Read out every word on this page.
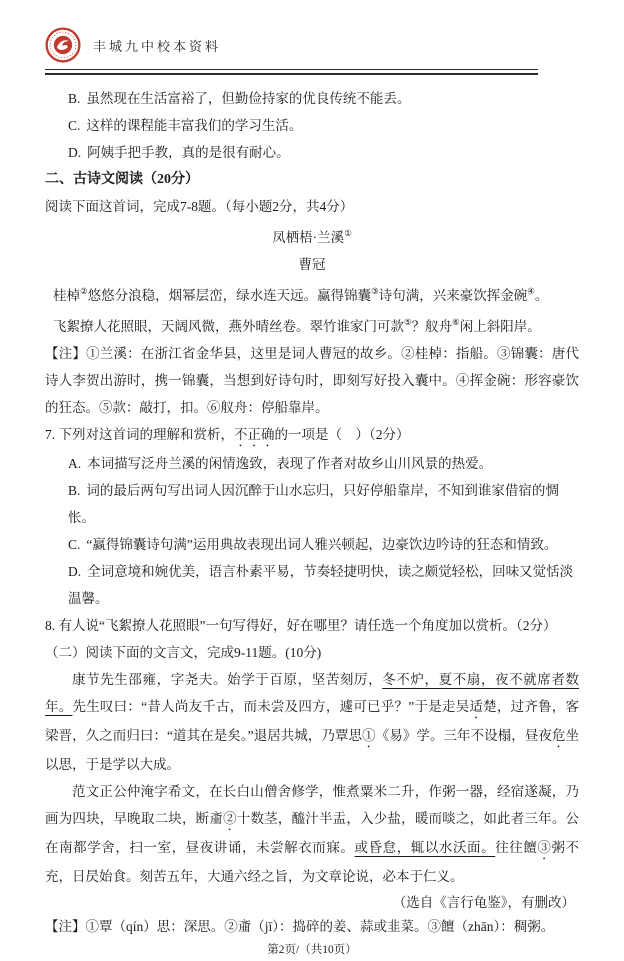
丰城九中校本资料

B. 虽然现在生活富裕了，但勤俭持家的优良传统不能丢。

C. 这样的课程能丰富我们的学习生活。

D. 阿姨手把手教，真的是很有耐心。

二、古诗文阅读（20分）

阅读下面这首词，完成7-8题。（每小题2分，共4分）

凤栖梧·兰溪①

曹冠

桂棹②悠悠分浪稳，烟幂层峦，绿水连天远。赢得锦囊③诗句满，兴来豪饮挥金碗④。

飞絮撩人花照眼，天阔风微，燕外晴丝卷。翠竹谁家门可款⑤？舣舟⑥闲上斜阳岸。

【注】①兰溪：在浙江省金华县，这里是词人曹冠的故乡。②桂棹：指船。③锦囊：唐代诗人李贺出游时，携一锦囊，当想到好诗句时，即刻写好投入囊中。④挥金碗：形容豪饮的狂态。⑤款：敲打，扣。⑥舣舟：停船靠岸。

7. 下列对这首词的理解和赏析，不正确的一项是（　）（2分）

A. 本词描写泛舟兰溪的闲情逸致，表现了作者对故乡山川风景的热爱。

B. 词的最后两句写出词人因沉醉于山水忘归，只好停船靠岸，不知到谁家借宿的惆怅。

C. “赢得锦囊诗句满”运用典故表现出词人雅兴顿起，边豪饮边吟诗的狂态和情致。

D. 全词意境和婉优美，语言朴素平易，节奏轻捷明快，读之颇觉轻松，回味又觉恬淡温馨。

8. 有人说“飞絮撩人花照眼”一句写得好，好在哪里？请任选一个角度加以赏析。（2分）

（二）阅读下面的文言文，完成9-11题。(10分)

康节先生邵雍，字尧夫。始学于百原，坚苦刻厉，冬不炉，夏不扇，夜不就席者数年。先生叹曰：“昔人尚友千古，而未尝及四方，遽可已乎？”于是走吴适楚，过齐鲁，客梁晋，久之而归曰：“道其在是矣。”退居共城，乃覃思①《易》学。三年不设榻，昼夜危坐以思，于是学以大成。

范文正公仲淹字希文，在长白山僧舍修学，惟煮粟米二升，作粥一器，经宿遂凝，乃画为四块，早晚取二块，断齑②十数茎，醯汁半盂，入少盐，暖而啖之，如此者三年。公在南都学舍，扫一室，昼夜讲诵，未尝解衣而寐。或昏怠，辄以水沃面。往往饘③粥不充，日昃始食。刻苦五年，大通六经之旨，为文章论说，必本于仁义。

（选自《言行龟鉴》，有删改）

【注】①覃（qín）思：深思。②齑（jī）：捣碎的姜、蒜或韭菜。③饘（zhān）：稠粥。

第2页/（共10页）
